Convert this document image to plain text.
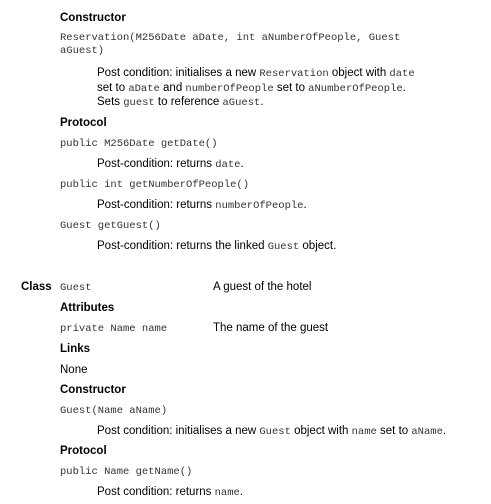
Constructor
Reservation(M256Date aDate, int aNumberOfPeople, Guest
aGuest)
Post condition: initialises a new Reservation object with date
set to aDate and numberOfPeople set to aNumberOfPeople.
Sets guest to reference aGuest.
Protocol
public M256Date getDate()
Post-condition: returns date.
public int getNumberOfPeople()
Post-condition: returns numberOfPeople.
Guest getGuest()
Post-condition: returns the linked Guest object.
Class Guest	A guest of the hotel
Attributes
private Name name	The name of the guest
Links
None
Constructor
Guest(Name aName)
Post condition: initialises a new Guest object with name set to aName.
Protocol
public Name getName()
Post condition: returns name.
